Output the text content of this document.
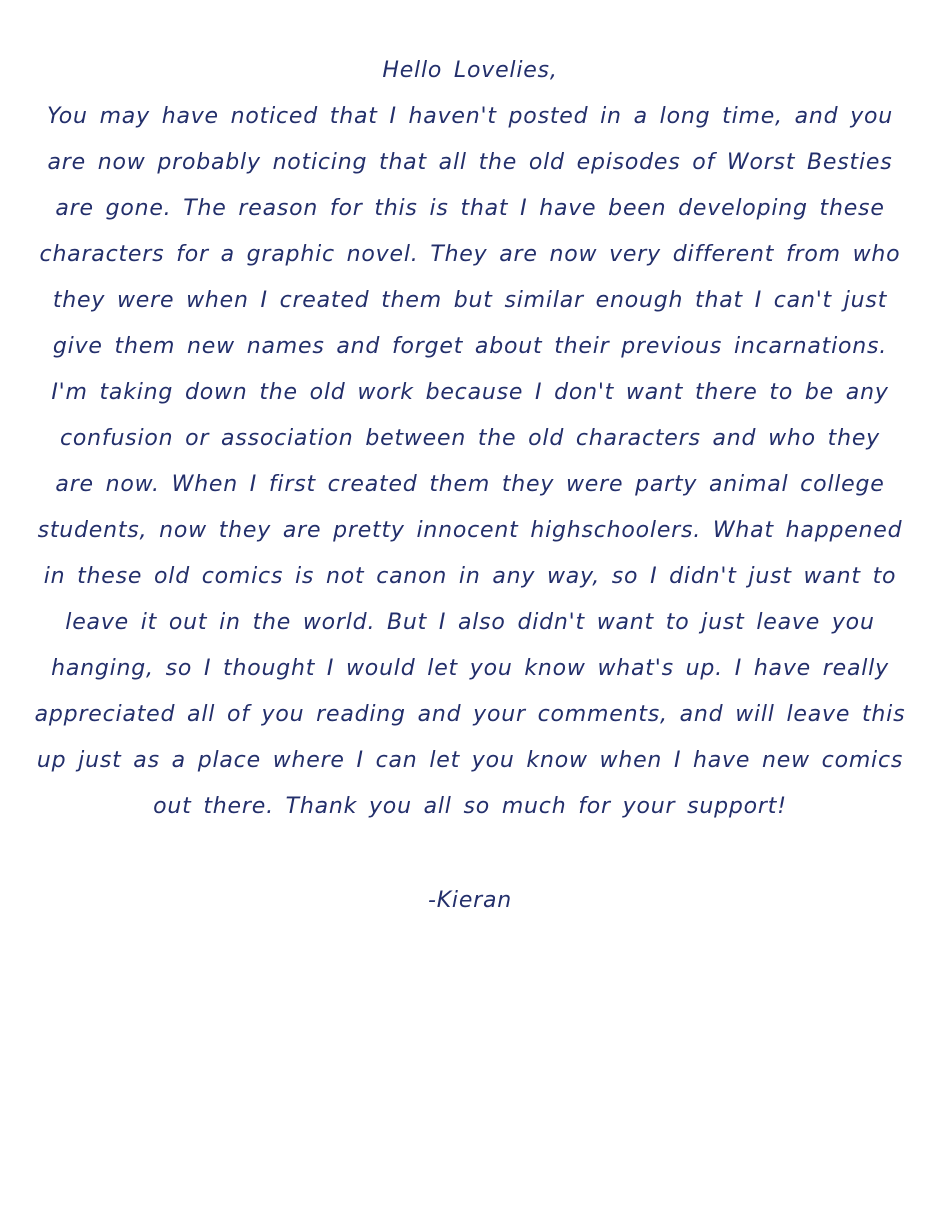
Hello Lovelies,
You may have noticed that I haven't posted in a long time, and you
are now probably noticing that all the old episodes of Worst Besties
are gone. The reason for this is that I have been developing these
characters for a graphic novel. They are now very different from who
they were when I created them but similar enough that I can't just
give them new names and forget about their previous incarnations.
I'm taking down the old work because I don't want there to be any
confusion or association between the old characters and who they
are now. When I first created them they were party animal college
students, now they are pretty innocent highschoolers. What happened
in these old comics is not canon in any way, so I didn't just want to
leave it out in the world. But I also didn't want to just leave you
hanging, so I thought I would let you know what's up. I have really
appreciated all of you reading and your comments, and will leave this
up just as a place where I can let you know when I have new comics
out there. Thank you all so much for your support!
-Kieran
